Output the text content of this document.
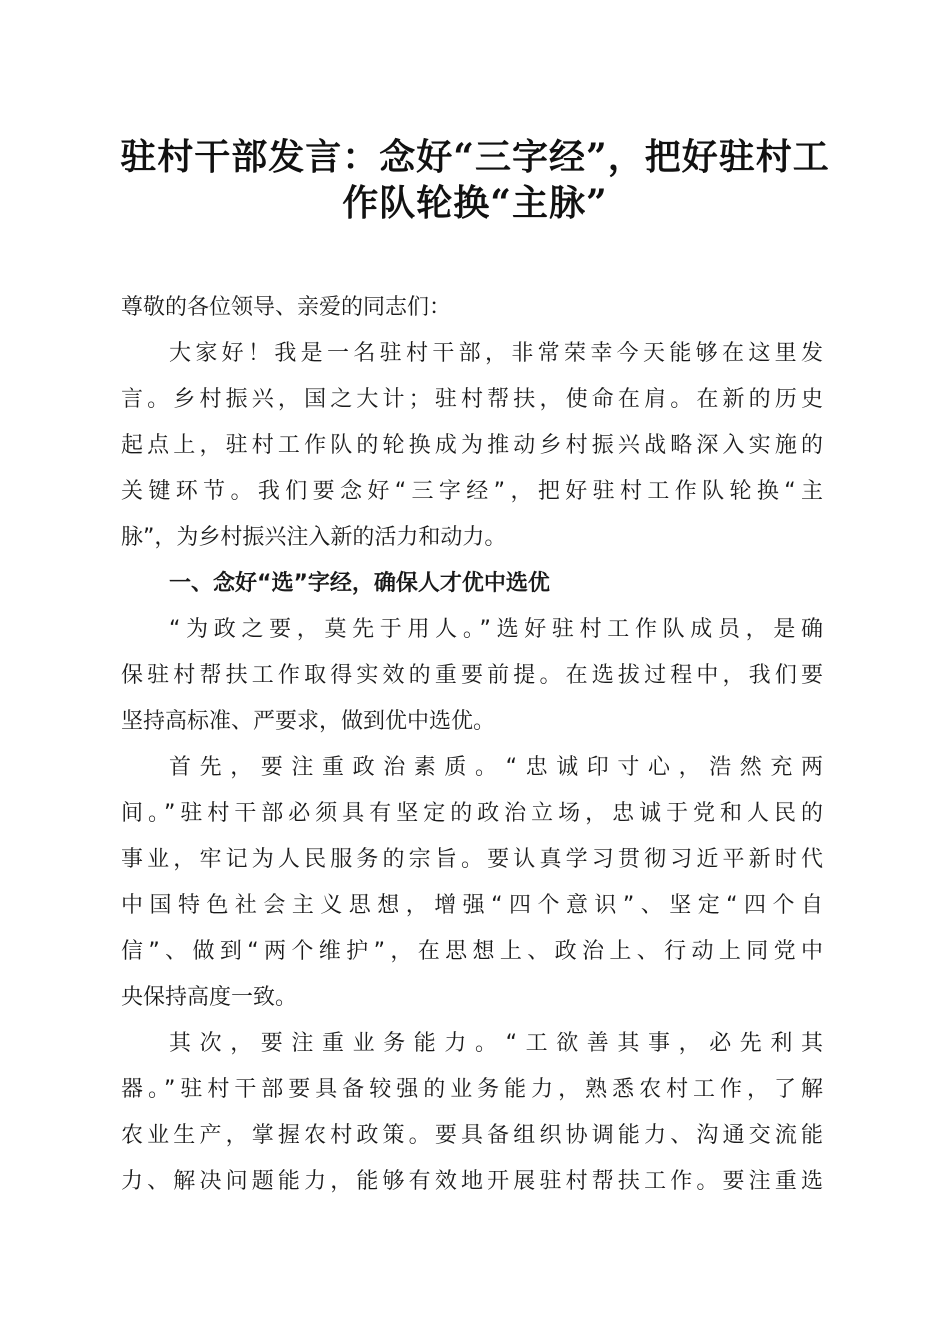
驻村干部发言：念好“三字经”，把好驻村工
作队轮换“主脉”
尊敬的各位领导、亲爱的同志们：
大家好！我是一名驻村干部，非常荣幸今天能够在这里发
言。乡村振兴，国之大计；驻村帮扶，使命在肩。在新的历史
起点上，驻村工作队的轮换成为推动乡村振兴战略深入实施的
关键环节。我们要念好“三字经”，把好驻村工作队轮换“主
脉”，为乡村振兴注入新的活力和动力。
一、念好“选”字经，确保人才优中选优
“为政之要，莫先于用人。”选好驻村工作队成员，是确
保驻村帮扶工作取得实效的重要前提。在选拔过程中，我们要
坚持高标准、严要求，做到优中选优。
首先，要注重政治素质。“忠诚印寸心，浩然充两
间。”驻村干部必须具有坚定的政治立场，忠诚于党和人民的
事业，牢记为人民服务的宗旨。要认真学习贯彻习近平新时代
中国特色社会主义思想，增强“四个意识”、坚定“四个自
信”、做到“两个维护”，在思想上、政治上、行动上同党中
央保持高度一致。
其次，要注重业务能力。“工欲善其事，必先利其
器。”驻村干部要具备较强的业务能力，熟悉农村工作，了解
农业生产，掌握农村政策。要具备组织协调能力、沟通交流能
力、解决问题能力，能够有效地开展驻村帮扶工作。要注重选
